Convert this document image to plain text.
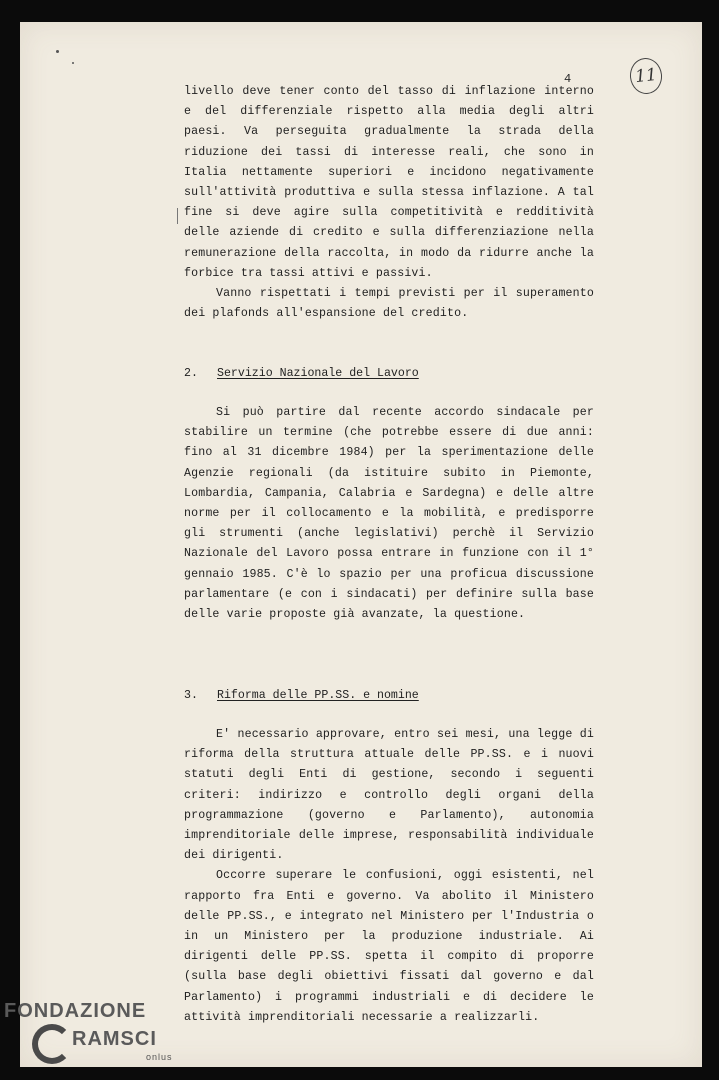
4	11

livello deve tener conto del tasso di inflazione interno e del differenziale rispetto alla media degli altri paesi. Va perseguita gradualmente la strada della riduzione dei tassi di interesse reali, che sono in Italia nettamente superiori e incidono negativamente sull'attività produttiva e sulla stessa inflazione. A tal fine si deve agire sulla competitività e redditività delle aziende di credito e sulla differenziazione nella remunerazione della raccolta, in modo da ridurre anche la forbice tra tassi attivi e passivi.

Vanno rispettati i tempi previsti per il superamento dei plafonds all'espansione del credito.

2. Servizio Nazionale del Lavoro

Si può partire dal recente accordo sindacale per stabilire un termine (che potrebbe essere di due anni: fino al 31 dicembre 1984) per la sperimentazione delle Agenzie regionali (da istituire subito in Piemonte, Lombardia, Campania, Calabria e Sardegna) e delle altre norme per il collocamento e la mobilità, e predisporre gli strumenti (anche legislativi) perchè il Servizio Nazionale del Lavoro possa entrare in funzione con il 1° gennaio 1985. C'è lo spazio per una proficua discussione parlamentare (e con i sindacati) per definire sulla base delle varie proposte già avanzate, la questione.

3. Riforma delle PP.SS. e nomine

E' necessario approvare, entro sei mesi, una legge di riforma della struttura attuale delle PP.SS. e i nuovi statuti degli Enti di gestione, secondo i seguenti criteri: indirizzo e controllo degli organi della programmazione (governo e Parlamento), autonomia imprenditoriale delle imprese, responsabilità individuale dei dirigenti.

Occorre superare le confusioni, oggi esistenti, nel rapporto fra Enti e governo. Va abolito il Ministero delle PP.SS., e integrato nel Ministero per l'Industria o in un Ministero per la produzione industriale. Ai dirigenti delle PP.SS. spetta il compito di proporre (sulla base degli obiettivi fissati dal governo e dal Parlamento) i programmi industriali e di decidere le attività imprenditoriali necessarie a realizzarli.

FONDAZIONE
RAMSCI
onlus
